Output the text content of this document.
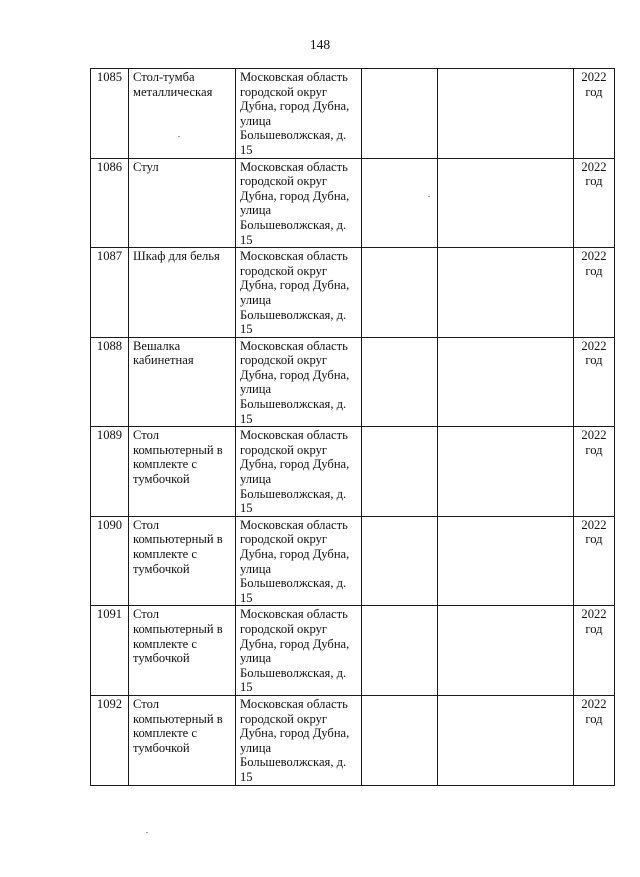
148
1085	Стол-тумба металлическая	Московская область городской округ Дубна, город Дубна, улица Большеволжская, д. 15			2022
год

1086	Стул	Московская область городской округ Дубна, город Дубна, улица Большеволжская, д. 15			2022
год

1087	Шкаф для белья	Московская область городской округ Дубна, город Дубна, улица Большеволжская, д. 15			2022
год

1088	Вешалка кабинетная	Московская область городской округ Дубна, город Дубна, улица Большеволжская, д. 15			2022
год

1089	Стол компьютерный в комплекте с тумбочкой	Московская область городской округ Дубна, город Дубна, улица Большеволжская, д. 15			2022
год

1090	Стол компьютерный в комплекте с тумбочкой	Московская область городской округ Дубна, город Дубна, улица Большеволжская, д. 15			2022
год

1091	Стол компьютерный в комплекте с тумбочкой	Московская область городской округ Дубна, город Дубна, улица Большеволжская, д. 15			2022
год

1092	Стол компьютерный в комплекте с тумбочкой	Московская область городской округ Дубна, город Дубна, улица Большеволжская, д. 15			2022
год
